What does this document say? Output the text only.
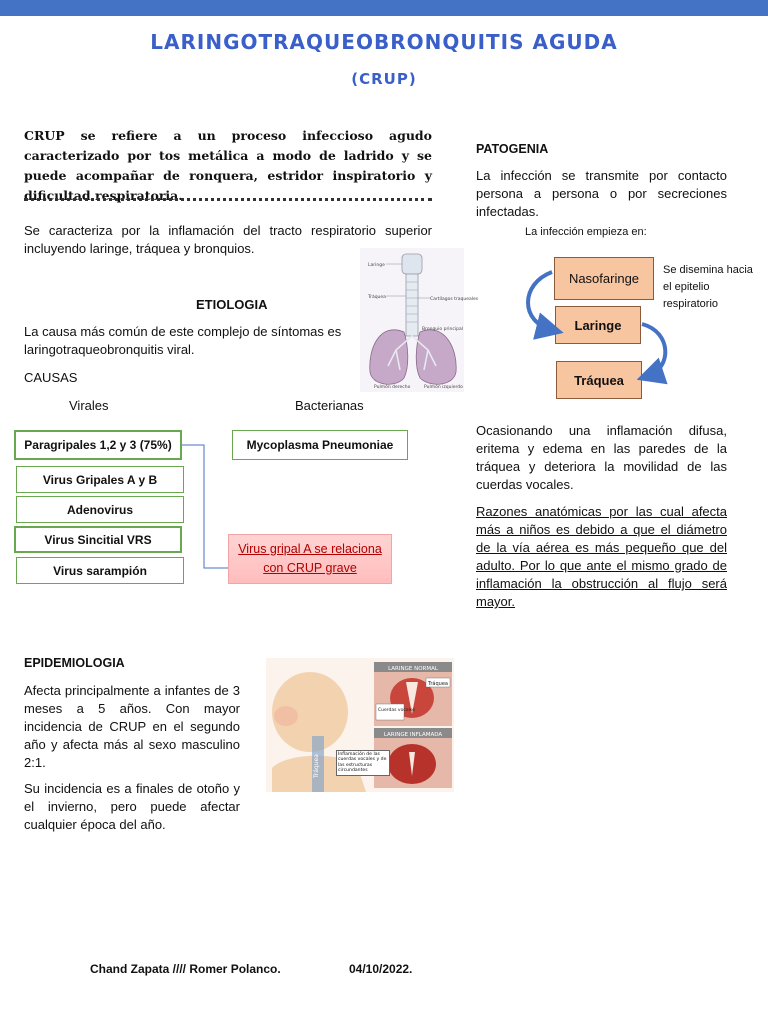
LARINGOTRAQUEOBRONQUITIS AGUDA
(CRUP)
CRUP se refiere a un proceso infeccioso agudo caracterizado por tos metálica a modo de ladrido y se puede acompañar de ronquera, estridor inspiratorio y dificultad respiratoria.
Se caracteriza por la inflamación del tracto respiratorio superior incluyendo laringe, tráquea y bronquios.
Laringe
Tráquea	Cartílagos traqueales
Bronquio principal
Pulmón derecho	Pulmón izquierdo
ETIOLOGIA
La causa más común de este complejo de síntomas es laringotraqueobronquitis viral.
CAUSAS
Virales	Bacterianas
Paragripales 1,2 y 3 (75%)
Virus Gripales A y B
Adenovirus
Virus Sincitial VRS
Virus sarampión
Mycoplasma Pneumoniae
Virus gripal A se relaciona con CRUP grave
EPIDEMIOLOGIA
Afecta principalmente a infantes de 3 meses a 5 años. Con mayor incidencia de CRUP en el segundo año y afecta más al sexo masculino 2:1.
Su incidencia es a finales de otoño y el invierno, pero puede afectar cualquier época del año.
Tráquea
LARINGE NORMAL
LARINGE INFLAMADA
Tráquea
Cuerdas vocales
Inflamación de las cuerdas vocales y de las estructuras circundantes
PATOGENIA
La infección se transmite por contacto persona a persona o por secreciones infectadas.
La infección empieza en:
Nasofaringe
Laringe
Tráquea
Se disemina hacia el epitelio respiratorio
Ocasionando una inflamación difusa, eritema y edema en las paredes de la tráquea y deteriora la movilidad de las cuerdas vocales.
Razones anatómicas por las cual afecta más a niños es debido a que el diámetro de la vía aérea es más pequeño que del adulto. Por lo que ante el mismo grado de inflamación la obstrucción al flujo será mayor.
Chand Zapata //// Romer Polanco.	04/10/2022.
